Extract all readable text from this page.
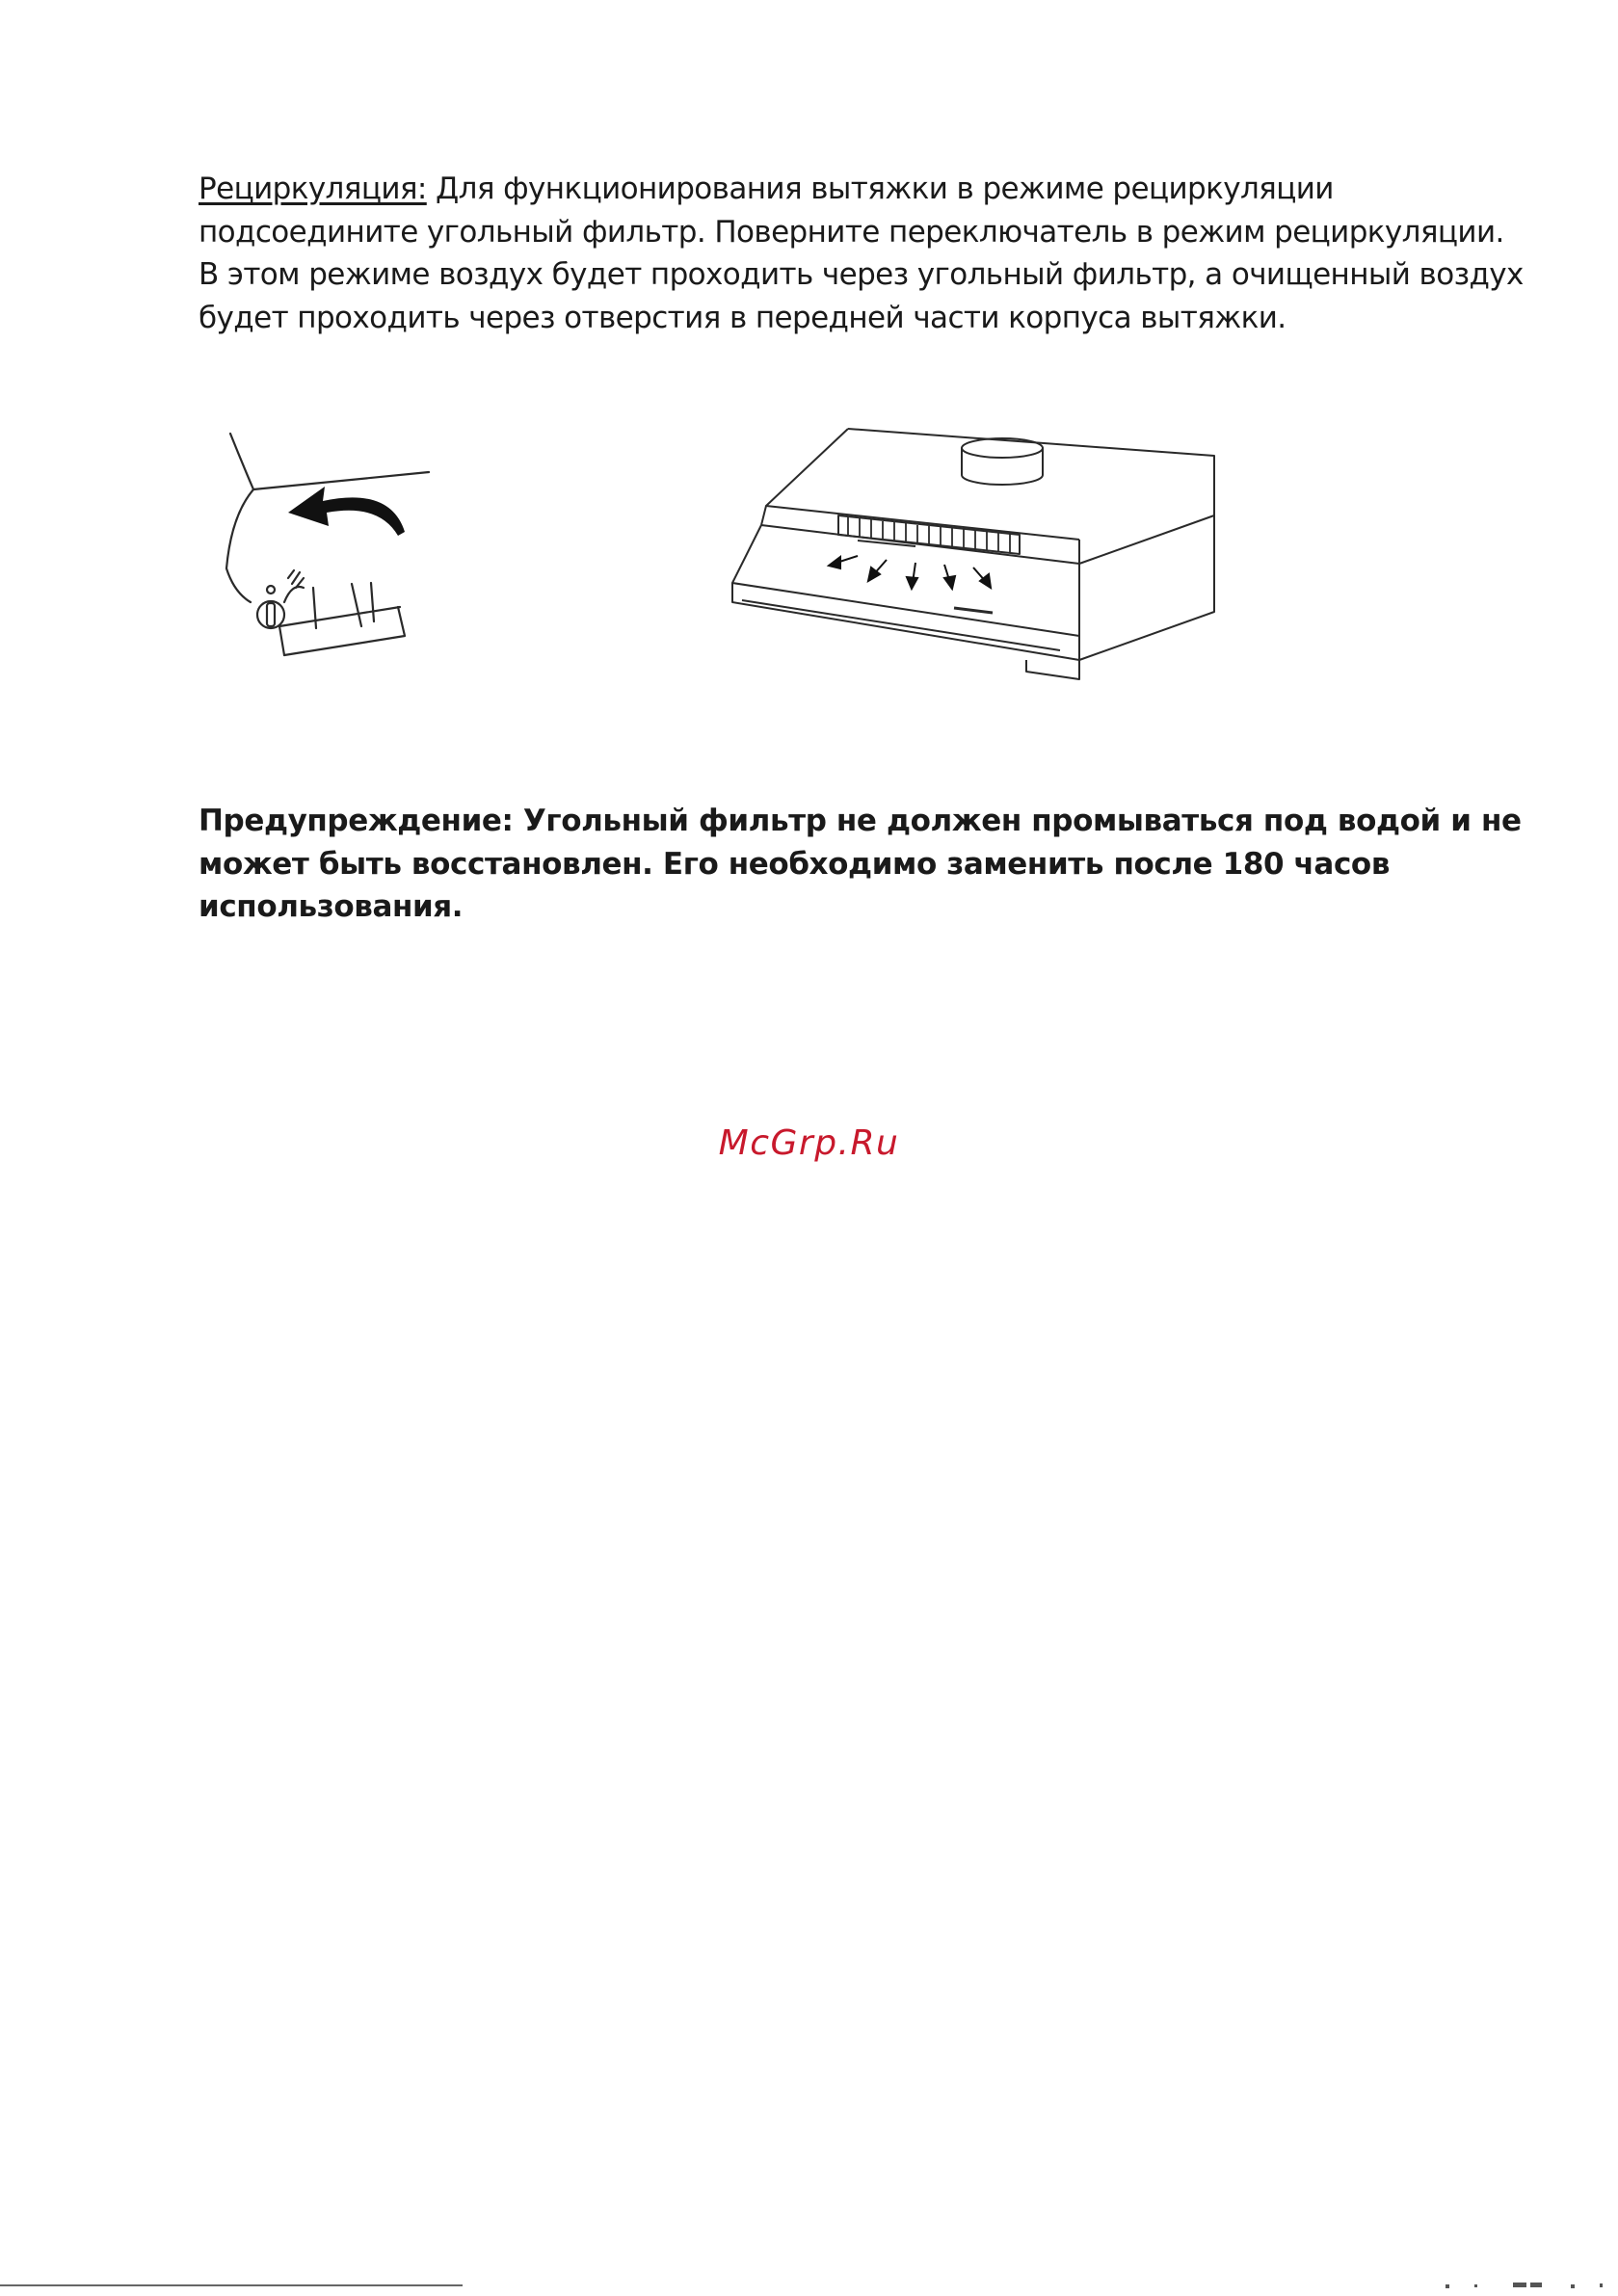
Рециркуляция: Для функционирования вытяжки в режиме рециркуляции подсоедините угольный фильтр. Поверните переключатель в режим рециркуляции. В этом режиме воздух будет проходить через угольный фильтр, а очищенный воздух будет проходить через отверстия в передней части корпуса вытяжки.
Предупреждение: Угольный фильтр не должен промываться под водой и не может быть восстановлен. Его необходимо заменить после 180 часов использования.
McGrp.Ru
